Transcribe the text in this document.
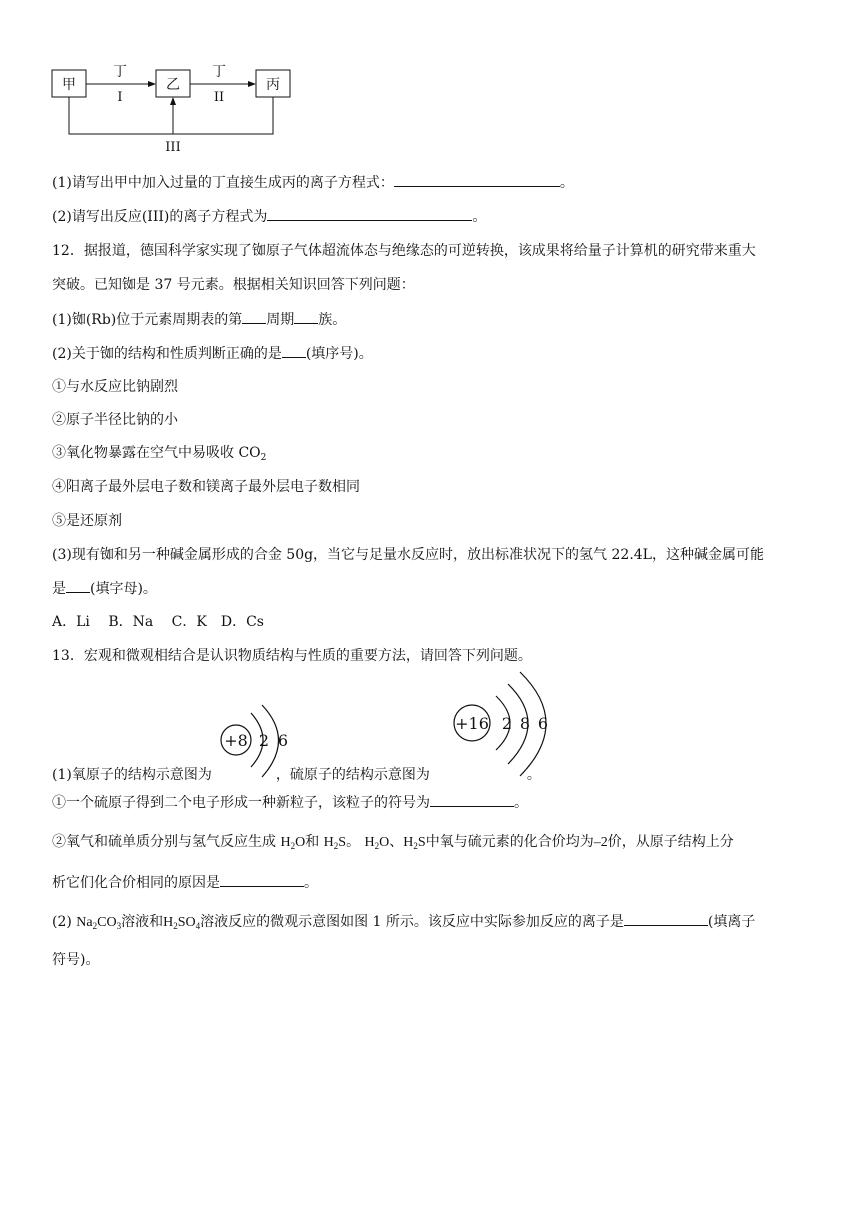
甲	乙	丙
丁	丁
I	II
III
(1)请写出甲中加入过量的丁直接生成丙的离子方程式：	。
(2)请写出反应(III)的离子方程式为	。
12．据报道，德国科学家实现了铷原子气体超流体态与绝缘态的可逆转换，该成果将给量子计算机的研究带来重大
突破。已知铷是 37 号元素。根据相关知识回答下列问题：
(1)铷(Rb)位于元素周期表的第 周期 族。
(2)关于铷的结构和性质判断正确的是 (填序号)。
①与水反应比钠剧烈
②原子半径比钠的小
③氧化物暴露在空气中易吸收 $CO_2$
④阳离子最外层电子数和镁离子最外层电子数相同
⑤是还原剂
(3)现有铷和另一种碱金属形成的合金 50g，当它与足量水反应时，放出标准状况下的氢气 22.4L，这种碱金属可能
是 (填字母)。
A．Li　 B．Na　 C．K　D．Cs
13．宏观和微观相结合是认识物质结构与性质的重要方法，请回答下列问题。
+8 2 6
+16 2 8 6
(1)氧原子的结构示意图为	，硫原子的结构示意图为	。
①一个硫原子得到二个电子形成一种新粒子，该粒子的符号为	。
②氧气和硫单质分别与氢气反应生成 $H_2O$和 $H_2S$。 $H_2O$、$H_2S$中氧与硫元素的化合价均为–2价，从原子结构上分
析它们化合价相同的原因是	。
(2) $Na_2CO_3$溶液和$H_2SO_4$溶液反应的微观示意图如图 1 所示。该反应中实际参加反应的离子是	(填离子
符号)。
